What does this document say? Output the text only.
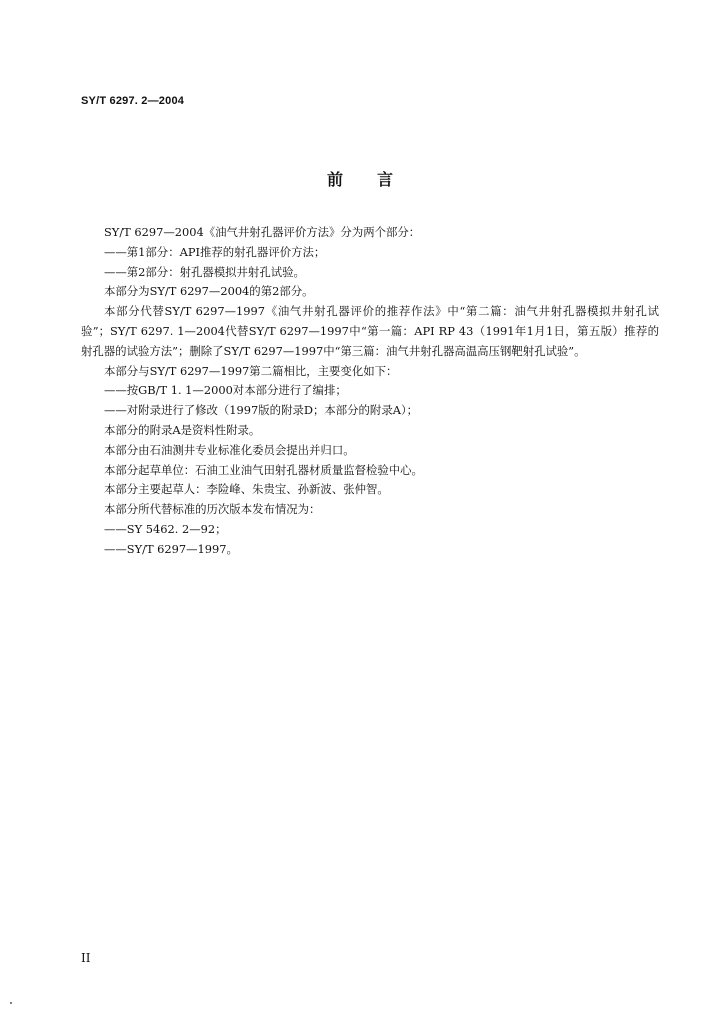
SY/T 6297. 2—2004
前言

SY/T 6297—2004《油气井射孔器评价方法》分为两个部分：

——第1部分：API推荐的射孔器评价方法；

——第2部分：射孔器模拟井射孔试验。

本部分为SY/T 6297—2004的第2部分。

本部分代替SY/T 6297—1997《油气井射孔器评价的推荐作法》中“第二篇：油气井射孔器模拟井射孔试验”；SY/T 6297. 1—2004代替SY/T 6297—1997中“第一篇：API RP 43（1991年1月1日，第五版）推荐的射孔器的试验方法”；删除了SY/T 6297—1997中“第三篇：油气井射孔器高温高压钢靶射孔试验”。

本部分与SY/T 6297—1997第二篇相比，主要变化如下：

——按GB/T 1. 1—2000对本部分进行了编排；

——对附录进行了修改（1997版的附录D；本部分的附录A）；

本部分的附录A是资料性附录。

本部分由石油测井专业标准化委员会提出并归口。

本部分起草单位：石油工业油气田射孔器材质量监督检验中心。

本部分主要起草人：李险峰、朱贵宝、孙新波、张仲智。

本部分所代替标准的历次版本发布情况为：

——SY 5462. 2—92；

——SY/T 6297—1997。

II
